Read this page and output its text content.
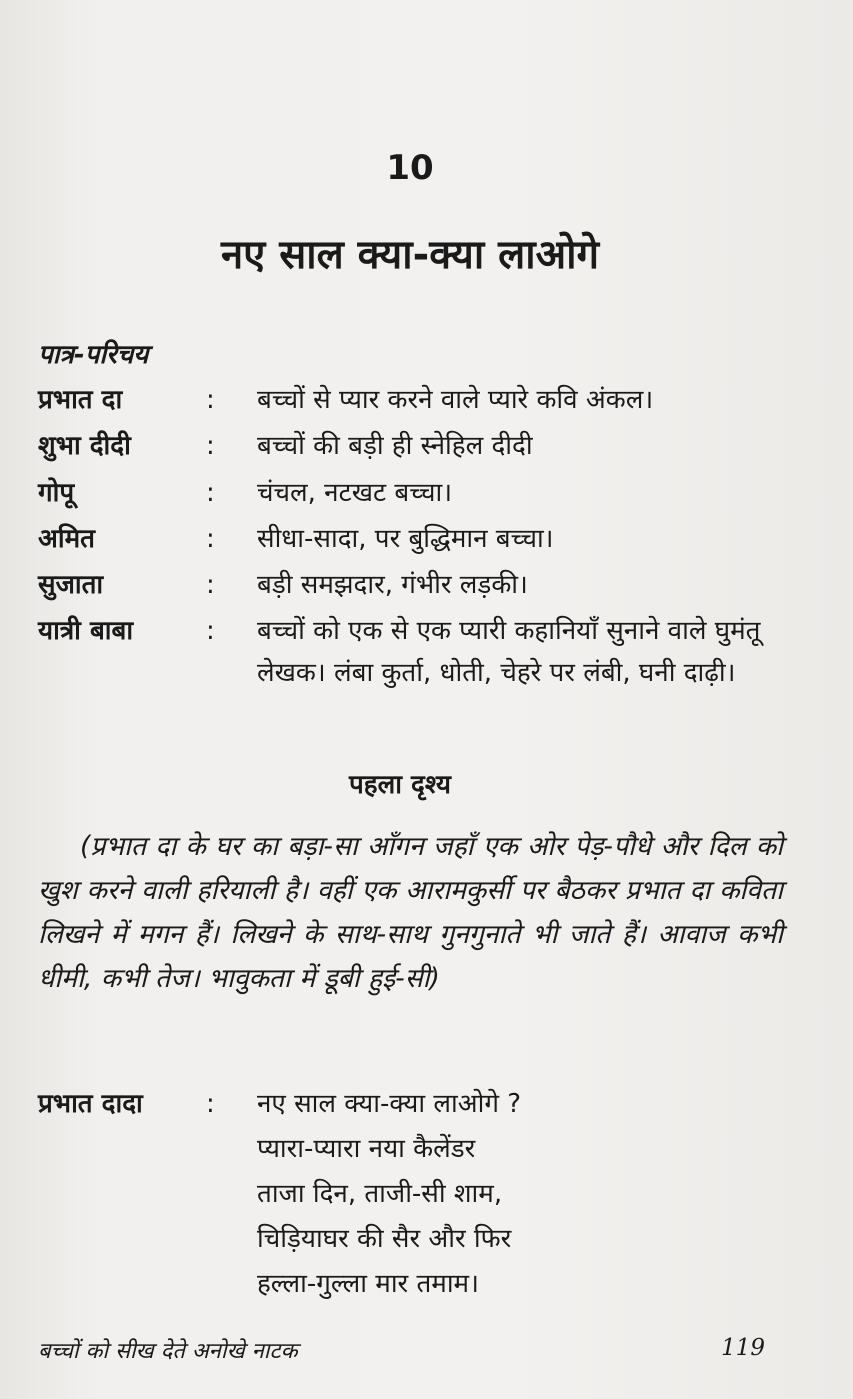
10
नए साल क्या-क्या लाओगे
पात्र-परिचय
प्रभात दा	:	बच्चों से प्यार करने वाले प्यारे कवि अंकल।
शुभा दीदी	:	बच्चों की बड़ी ही स्नेहिल दीदी
गोपू	:	चंचल, नटखट बच्चा।
अमित	:	सीधा-सादा, पर बुद्धिमान बच्चा।
सुजाता	:	बड़ी समझदार, गंभीर लड़की।
यात्री बाबा	:	बच्चों को एक से एक प्यारी कहानियाँ सुनाने वाले घुमंतू लेखक। लंबा कुर्ता, धोती, चेहरे पर लंबी, घनी दाढ़ी।
पहला दृश्य
(प्रभात दा के घर का बड़ा-सा आँगन जहाँ एक ओर पेड़-पौधे और दिल को खुश करने वाली हरियाली है। वहीं एक आरामकुर्सी पर बैठकर प्रभात दा कविता लिखने में मगन हैं। लिखने के साथ-साथ गुनगुनाते भी जाते हैं। आवाज कभी धीमी, कभी तेज। भावुकता में डूबी हुई-सी)
प्रभात दादा : नए साल क्या-क्या लाओगे ?
प्यारा-प्यारा नया कैलेंडर
ताजा दिन, ताजी-सी शाम,
चिड़ियाघर की सैर और फिर
हल्ला-गुल्ला मार तमाम।
बच्चों को सीख देते अनोखे नाटक	119
